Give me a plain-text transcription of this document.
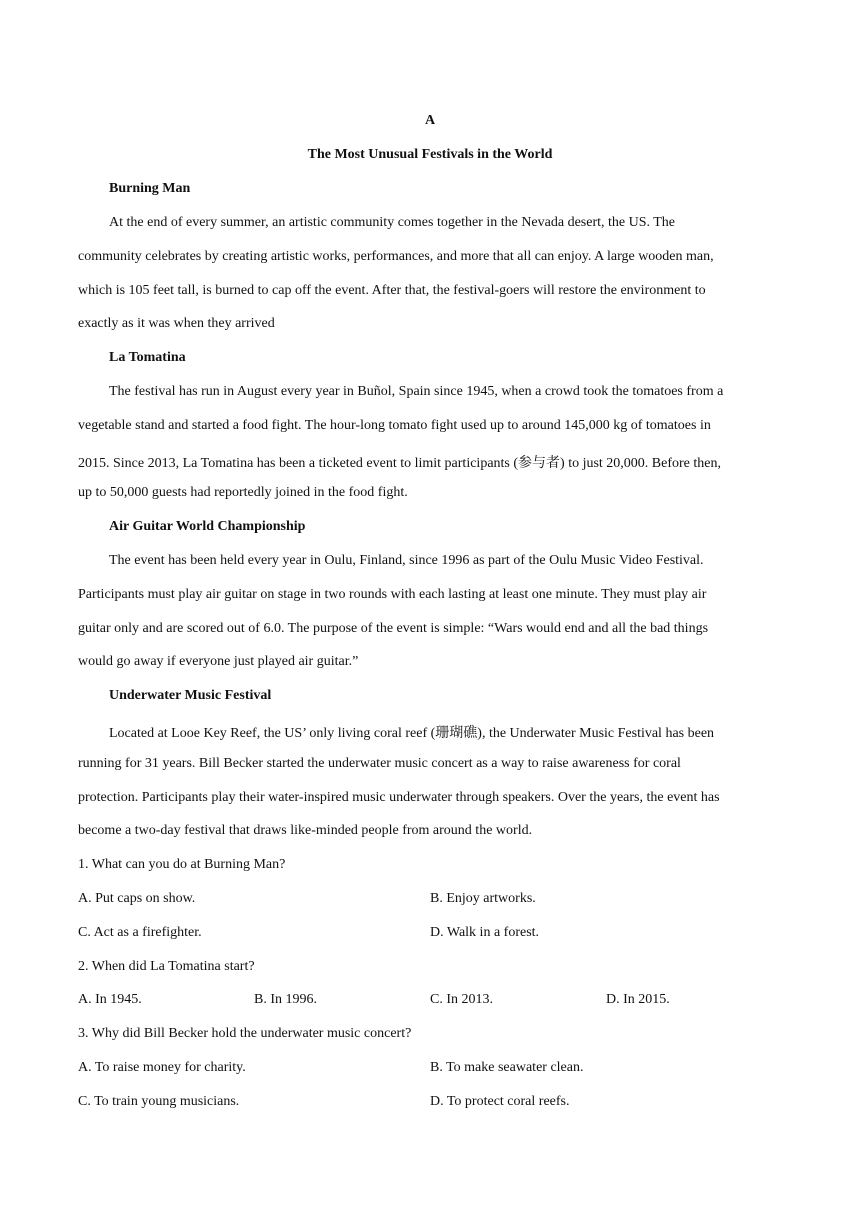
A
The Most Unusual Festivals in the World
Burning Man
At the end of every summer, an artistic community comes together in the Nevada desert, the US. The
community celebrates by creating artistic works, performances, and more that all can enjoy. A large wooden man,
which is 105 feet tall, is burned to cap off the event. After that, the festival-goers will restore the environment to
exactly as it was when they arrived
La Tomatina
The festival has run in August every year in Buñol, Spain since 1945, when a crowd took the tomatoes from a
vegetable stand and started a food fight. The hour-long tomato fight used up to around 145,000 kg of tomatoes in
2015. Since 2013, La Tomatina has been a ticketed event to limit participants (参与者) to just 20,000. Before then,
up to 50,000 guests had reportedly joined in the food fight.
Air Guitar World Championship
The event has been held every year in Oulu, Finland, since 1996 as part of the Oulu Music Video Festival.
Participants must play air guitar on stage in two rounds with each lasting at least one minute. They must play air
guitar only and are scored out of 6.0. The purpose of the event is simple: “Wars would end and all the bad things
would go away if everyone just played air guitar.”
Underwater Music Festival
Located at Looe Key Reef, the US’ only living coral reef (珊瑚礁), the Underwater Music Festival has been
running for 31 years. Bill Becker started the underwater music concert as a way to raise awareness for coral
protection. Participants play their water-inspired music underwater through speakers. Over the years, the event has
become a two-day festival that draws like-minded people from around the world.
1. What can you do at Burning Man?
A. Put caps on show.	B. Enjoy artworks.
C. Act as a firefighter.	D. Walk in a forest.
2. When did La Tomatina start?
A. In 1945.	B. In 1996.	C. In 2013.	D. In 2015.
3. Why did Bill Becker hold the underwater music concert?
A. To raise money for charity.	B. To make seawater clean.
C. To train young musicians.	D. To protect coral reefs.
